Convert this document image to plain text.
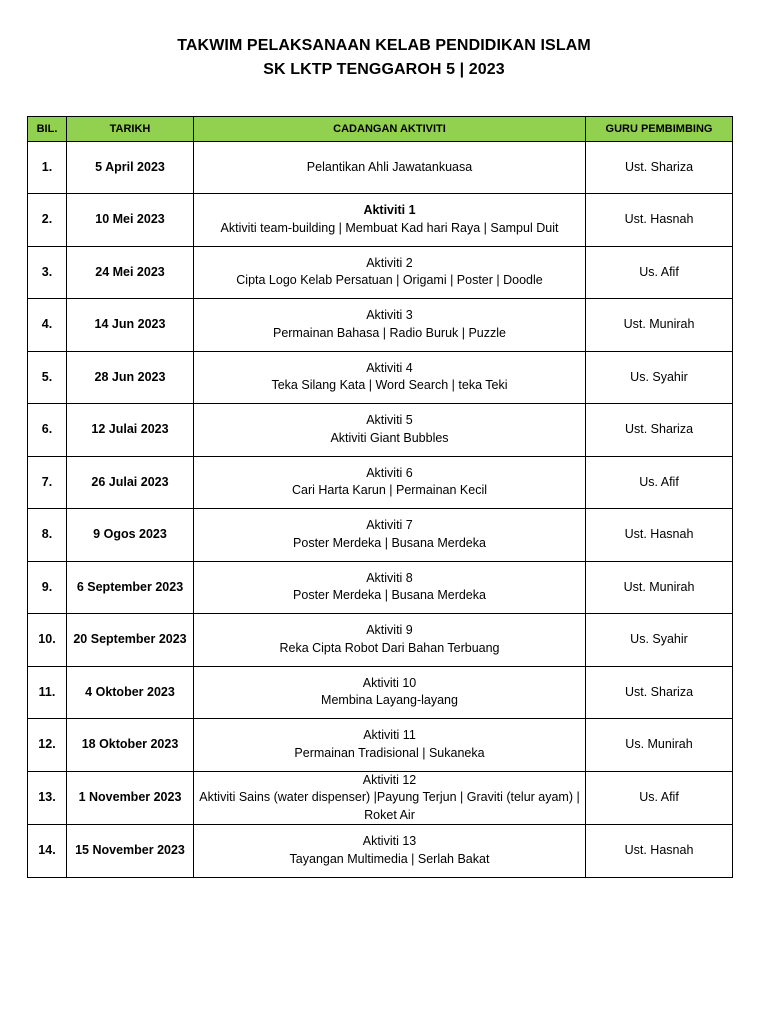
TAKWIM PELAKSANAAN KELAB PENDIDIKAN ISLAM
SK LKTP TENGGAROH 5 | 2023
BIL.	TARIKH	CADANGAN AKTIVITI	GURU PEMBIMBING
1.	5 April 2023	Pelantikan Ahli Jawatankuasa	Ust. Shariza
2.	10 Mei 2023	Aktiviti 1
Aktiviti team-building | Membuat Kad hari Raya | Sampul Duit	Ust. Hasnah
3.	24 Mei 2023	Aktiviti 2
Cipta Logo Kelab Persatuan | Origami | Poster | Doodle	Us. Afif
4.	14 Jun 2023	Aktiviti 3
Permainan Bahasa | Radio Buruk | Puzzle	Ust. Munirah
5.	28 Jun 2023	Aktiviti 4
Teka Silang Kata | Word Search | teka Teki	Us. Syahir
6.	12 Julai 2023	Aktiviti 5
Aktiviti Giant Bubbles	Ust. Shariza
7.	26 Julai 2023	Aktiviti 6
Cari Harta Karun | Permainan Kecil	Us. Afif
8.	9 Ogos 2023	Aktiviti 7
Poster Merdeka | Busana Merdeka	Ust. Hasnah
9.	6 September 2023	Aktiviti 8
Poster Merdeka | Busana Merdeka	Ust. Munirah
10.	20 September 2023	Aktiviti 9
Reka Cipta Robot Dari Bahan Terbuang	Us. Syahir
11.	4 Oktober 2023	Aktiviti 10
Membina Layang-layang	Ust. Shariza
12.	18 Oktober 2023	Aktiviti 11
Permainan Tradisional | Sukaneka	Us. Munirah
13.	1 November 2023	Aktiviti 12
Aktiviti Sains (water dispenser) |Payung Terjun | Graviti (telur ayam) | Roket Air	Us. Afif
14.	15 November 2023	Aktiviti 13
Tayangan Multimedia | Serlah Bakat	Ust. Hasnah
